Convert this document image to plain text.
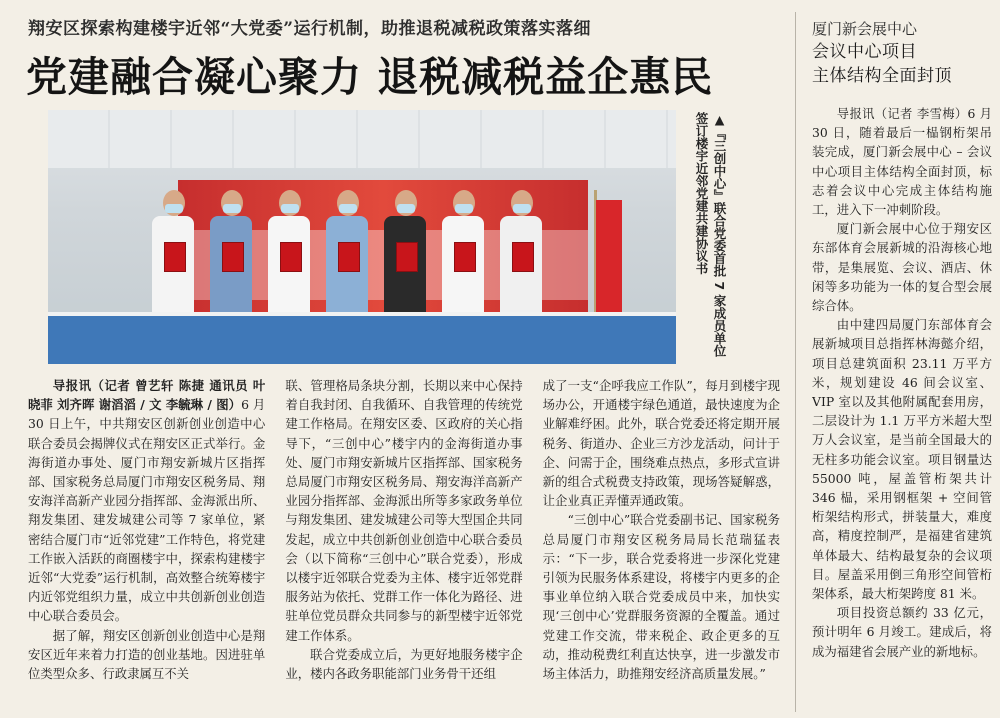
翔安区探索构建楼宇近邻“大党委”运行机制，助推退税减税政策落实落细
党建融合凝心聚力 退税减税益企惠民
▲『三创中心』联合党委首批 7 家成员单位签订楼宇近邻党建共建协议书

导报讯（记者 曾艺轩 陈捷 通讯员 叶晓菲 刘齐晖 谢滔滔 / 文 李毓琳 / 图）6 月 30 日上午，中共翔安区创新创业创造中心联合委员会揭牌仪式在翔安区正式举行。金海街道办事处、厦门市翔安新城片区指挥部、国家税务总局厦门市翔安区税务局、翔安海洋高新产业园分指挥部、金海派出所、翔发集团、建发城建公司等 7 家单位，紧密结合厦门市“近邻党建”工作特色，将党建工作嵌入活跃的商圈楼宇中，探索构建楼宇近邻“大党委”运行机制，高效整合统筹楼宇内近邻党组织力量，成立中共创新创业创造中心联合委员会。

据了解，翔安区创新创业创造中心是翔安区近年来着力打造的创业基地。因进驻单位类型众多、行政隶属互不关

联、管理格局条块分割，长期以来中心保持着自我封闭、自我循环、自我管理的传统党建工作格局。在翔安区委、区政府的关心指导下，“三创中心”楼宇内的金海街道办事处、厦门市翔安新城片区指挥部、国家税务总局厦门市翔安区税务局、翔安海洋高新产业园分指挥部、金海派出所等多家政务单位与翔发集团、建发城建公司等大型国企共同发起，成立中共创新创业创造中心联合委员会（以下简称“三创中心”联合党委），形成以楼宇近邻联合党委为主体、楼宇近邻党群服务站为依托、党群工作一体化为路径、进驻单位党员群众共同参与的新型楼宇近邻党建工作体系。

联合党委成立后，为更好地服务楼宇企业，楼内各政务职能部门业务骨干还组

成了一支“企呼我应工作队”，每月到楼宇现场办公，开通楼宇绿色通道，最快速度为企业解难纾困。此外，联合党委还将定期开展税务、街道办、企业三方沙龙活动，问计于企、问需于企，围绕难点热点，多形式宣讲新的组合式税费支持政策，现场答疑解惑，让企业真正弄懂弄通政策。

“三创中心”联合党委副书记、国家税务总局厦门市翔安区税务局局长范瑞猛表示：“下一步，联合党委将进一步深化党建引领为民服务体系建设，将楼宇内更多的企事业单位纳入联合党委成员中来，加快实现‘三创中心’党群服务资源的全覆盖。通过党建工作交流，带来税企、政企更多的互动，推动税费红利直达快享，进一步激发市场主体活力，助推翔安经济高质量发展。”

厦门新会展中心
会议中心项目
主体结构全面封顶

导报讯（记者 李雪梅）6 月 30 日，随着最后一榀钢桁架吊装完成，厦门新会展中心 – 会议中心项目主体结构全面封顶，标志着会议中心完成主体结构施工，进入下一冲刺阶段。

厦门新会展中心位于翔安区东部体育会展新城的沿海核心地带，是集展览、会议、酒店、休闲等多功能为一体的复合型会展综合体。

由中建四局厦门东部体育会展新城项目总指挥林海懿介绍，项目总建筑面积 23.11 万平方米，规划建设 46 间会议室、VIP 室以及其他附属配套用房，二层设计为 1.1 万平方米超大型万人会议室，是当前全国最大的无柱多功能会议室。项目钢量达 55000 吨，屋盖管桁架共计 346 榀，采用钢框架 + 空间管桁架结构形式，拼装量大，难度高，精度控制严，是福建省建筑单体最大、结构最复杂的会议项目。屋盖采用倒三角形空间管桁架体系，最大桁架跨度 81 米。

项目投资总额约 33 亿元，预计明年 6 月竣工。建成后，将成为福建省会展产业的新地标。
